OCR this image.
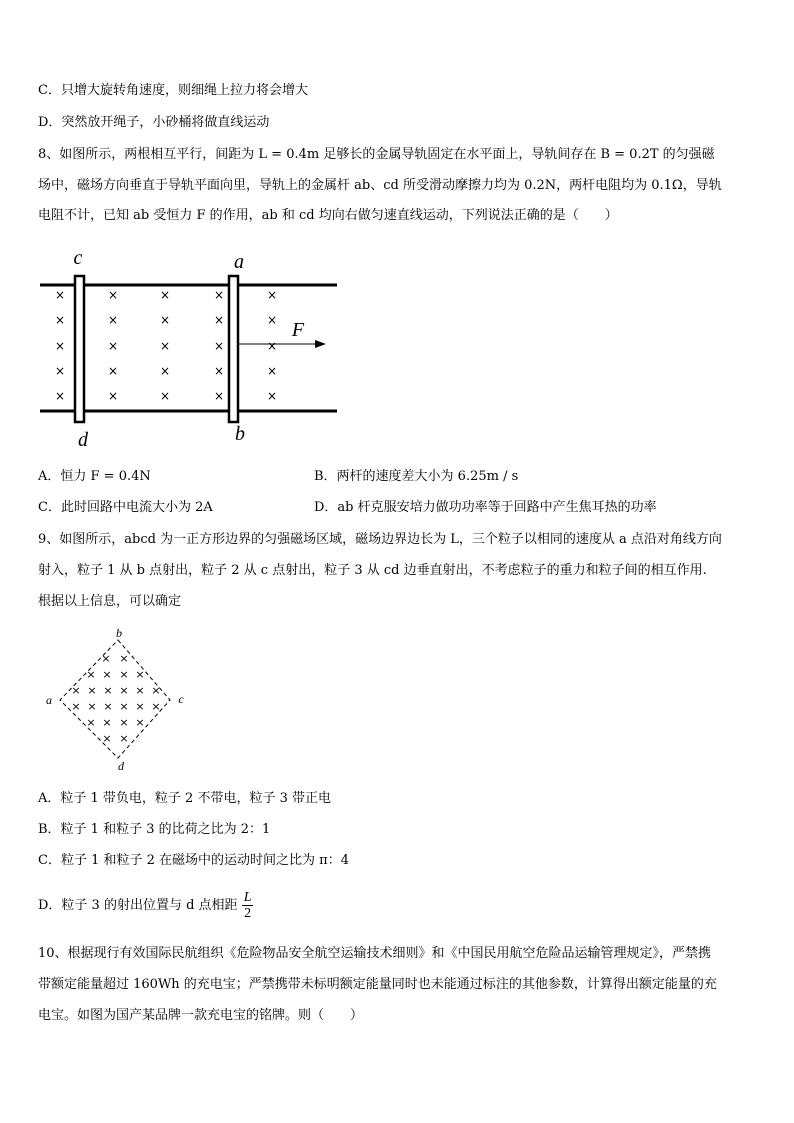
C．只增大旋转角速度，则细绳上拉力将会增大
D．突然放开绳子，小砂桶将做直线运动
8、如图所示，两根相互平行，间距为 L = 0.4m 足够长的金属导轨固定在水平面上，导轨间存在 B = 0.2T 的匀强磁
场中，磁场方向垂直于导轨平面向里，导轨上的金属杆 ab、cd 所受滑动摩擦力均为 0.2N，两杆电阻均为 0.1Ω，导轨
电阻不计，已知 ab 受恒力 F 的作用，ab 和 cd 均向右做匀速直线运动，下列说法正确的是（　　）
×
×
×
×
×
×
×
×
×
×
×
×
×
×
×
×
×
×
×
×
×
×
×
×
×
c	a
d	b
F
A．恒力 F = 0.4N	B．两杆的速度差大小为 6.25m / s
C．此时回路中电流大小为 2A	D．ab 杆克服安培力做功功率等于回路中产生焦耳热的功率
9、如图所示，abcd 为一正方形边界的匀强磁场区域，磁场边界边长为 L，三个粒子以相同的速度从 a 点沿对角线方向
射入，粒子 1 从 b 点射出，粒子 2 从 c 点射出，粒子 3 从 cd 边垂直射出，不考虑粒子的重力和粒子间的相互作用.
根据以上信息，可以确定
× ×
× × × ×
× × × × × ×
× × × × × ×
× × × ×
× ×
b
a	c
d
A．粒子 1 带负电，粒子 2 不带电，粒子 3 带正电
B．粒子 1 和粒子 3 的比荷之比为 2：1
C．粒子 1 和粒子 2 在磁场中的运动时间之比为 π：4
D．粒子 3 的射出位置与 d 点相距 $\frac{L}{2}$
10、根据现行有效国际民航组织《危险物品安全航空运输技术细则》和《中国民用航空危险品运输管理规定》，严禁携
带额定能量超过 160Wh 的充电宝；严禁携带未标明额定能量同时也未能通过标注的其他参数，计算得出额定能量的充
电宝。如图为国产某品牌一款充电宝的铭牌。则（　　）
